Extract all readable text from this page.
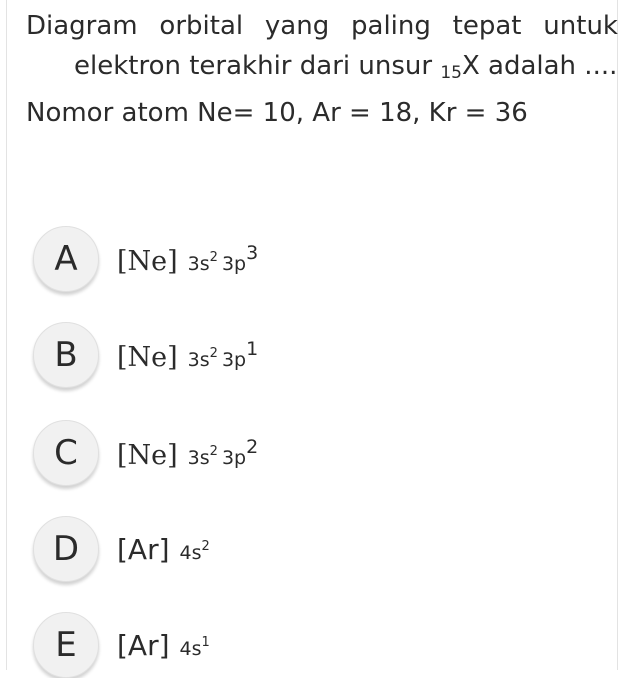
Diagram orbital yang paling tepat untuk
elektron terakhir dari unsur $_{15}$X adalah ....
Nomor atom Ne= 10, Ar = 18, Kr = 36
A	[Ne] $3s^2$ $3p^3$
B	[Ne] $3s^2$ $3p^1$
C	[Ne] $3s^2$ $3p^2$
D	[Ar] $4s^2$
E	[Ar] $4s^1$
